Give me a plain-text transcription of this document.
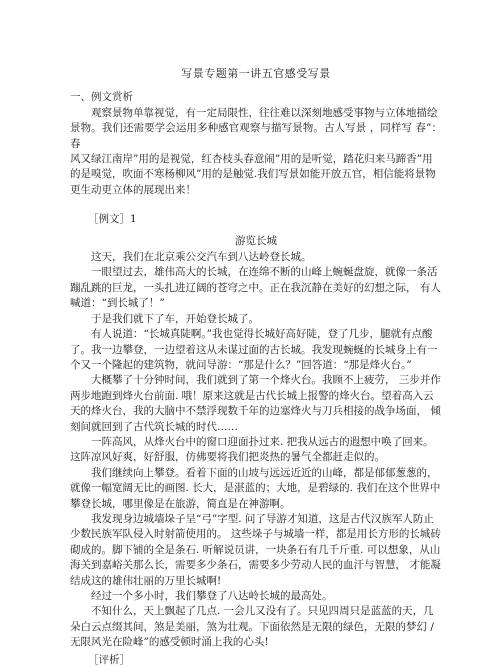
写景专题第一讲五官感受写景
一、例文赏析
观察景物单靠视觉，有一定局限性，往往难以深刻地感受事物与立体地描绘
景物。我们还需要学会运用多种感官观察与描写景物。古人写景 ，同样写 春”：春
风又绿江南岸”用的是视觉，红杏枝头春意闹”用的是听觉，踏花归来马蹄香”用
的是嗅觉，吹面不寒杨柳风”用的是触觉.我们写景如能开放五官，相信能将景物
更生动更立体的展现出来！
［例文］1
游览长城
这天，我们在北京乘公交汽车到八达岭登长城。
一眼望过去，雄伟高大的长城，在连绵不断的山峰上蜿蜒盘旋，就像一条活
蹦乱跳的巨龙，一头扎进辽阔的苍穹之中。正在我沉静在美好的幻想之际， 有人
喊道：“到长城了！”
于是我们就下了车，开始登长城了。
有人说道：“长城真陡啊。”我也觉得长城好高好陡，登了几步，腿就有点酸
了。我一边攀登，一边望着这从未谋过面的古长城。我发现蜿蜒的长城身上有一
个又一个隆起的建筑物，就问导游：“那是什么？”回答道：“那是烽火台。”
大概攀了十分钟时间，我们就到了第一个烽火台。我顾不上疲劳， 三步并作
两步地跑到烽火台前面. 哦！原来这就是古代长城上报警的烽火台。望着高入云
天的烽火台，我的大脑中不禁浮现数千年的边塞烽火与刀兵相接的战争场面， 倾
刻间就回到了古代筑长城的时代……
一阵高风，从烽火台中的窗口迎面扑过来. 把我从远古的遐想中唤了回来。
这阵凉风好爽，好舒服，仿佛要将我们把炎热的暑气全都赶走似的。
我们继续向上攀登。看着下面的山坡与远远近近的山峰，都是郁郁葱葱的，
就像一幅宽阔无比的画图. 长大，是湛蓝的；大地，是碧绿的. 我们在这个世界中
攀登长城，哪里像是在旅游，简直是在神游啊。
我发现身边城墙垛子呈“弓”字型. 问了导游才知道，这是古代汉族军人防止
少数民族军队侵入时射箭使用的。 这些垛子与城墙一样，都是用长方形的长城砖
砌成的。脚下铺的全是条石. 听解说员讲，一块条石有几千斤重. 可以想象，从山
海关到嘉峪关那么长，需要多少条石，需要多少劳动人民的血汗与智慧， 才能凝
结成这的雄伟壮丽的万里长城啊!
经过一个多小时，我们攀登了八达岭长城的最高处。
不知什么，天上飘起了几点. 一会儿又没有了。只见四周只是蓝蓝的天，几
朵白云点缀其间，煞是美丽，煞为壮观。下面依然是无限的绿色，无限的梦幻 /
无限风光在险峰”的感受顿时涌上我的心头!
［评析］
